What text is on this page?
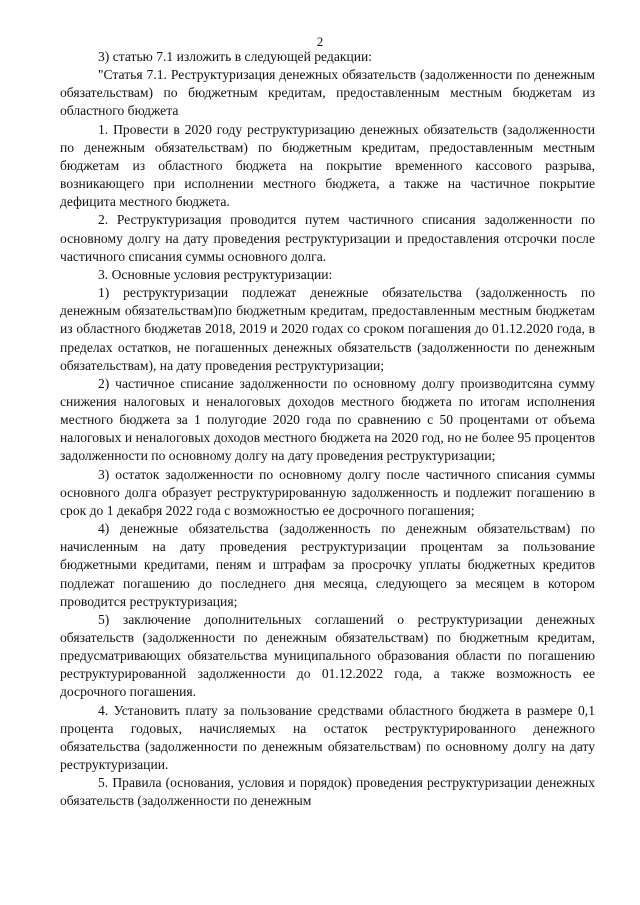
2

3) статью 7.1 изложить в следующей редакции:

"Статья 7.1. Реструктуризация денежных обязательств (задолженности по денежным обязательствам) по бюджетным кредитам, предоставленным местным бюджетам из областного бюджета

1. Провести в 2020 году реструктуризацию денежных обязательств (задолженности по денежным обязательствам) по бюджетным кредитам, предоставленным местным бюджетам из областного бюджета на покрытие временного кассового разрыва, возникающего при исполнении местного бюджета, а также на частичное покрытие дефицита местного бюджета.

2. Реструктуризация проводится путем частичного списания задолженности по основному долгу на дату проведения реструктуризации и предоставления отсрочки после частичного списания суммы основного долга.

3. Основные условия реструктуризации:

1) реструктуризации подлежат денежные обязательства (задолженность по денежным обязательствам)по бюджетным кредитам, предоставленным местным бюджетам из областного бюджетав 2018, 2019 и 2020 годах со сроком погашения до 01.12.2020 года, в пределах остатков, не погашенных денежных обязательств (задолженности по денежным обязательствам), на дату проведения реструктуризации;

2) частичное списание задолженности по основному долгу производитсяна сумму снижения налоговых и неналоговых доходов местного бюджета по итогам исполнения местного бюджета за 1 полугодие 2020 года по сравнению с 50 процентами от объема налоговых и неналоговых доходов местного бюджета на 2020 год, но не более 95 процентов задолженности по основному долгу на дату проведения реструктуризации;

3) остаток задолженности по основному долгу после частичного списания суммы основного долга образует реструктурированную задолженность и подлежит погашению в срок до 1 декабря 2022 года с возможностью ее досрочного погашения;

4) денежные обязательства (задолженность по денежным обязательствам) по начисленным на дату проведения реструктуризации процентам за пользование бюджетными кредитами, пеням и штрафам за просрочку уплаты бюджетных кредитов подлежат погашению до последнего дня месяца, следующего за месяцем в котором проводится реструктуризация;

5) заключение дополнительных соглашений о реструктуризации денежных обязательств (задолженности по денежным обязательствам) по бюджетным кредитам, предусматривающих обязательства муниципального образования области по погашению реструктурированной задолженности до 01.12.2022 года, а также возможность ее досрочного погашения.

4. Установить плату за пользование средствами областного бюджета в размере 0,1 процента годовых, начисляемых на остаток реструктурированного денежного обязательства (задолженности по денежным обязательствам) по основному долгу на дату реструктуризации.

5. Правила (основания, условия и порядок) проведения реструктуризации денежных обязательств (задолженности по денежным
